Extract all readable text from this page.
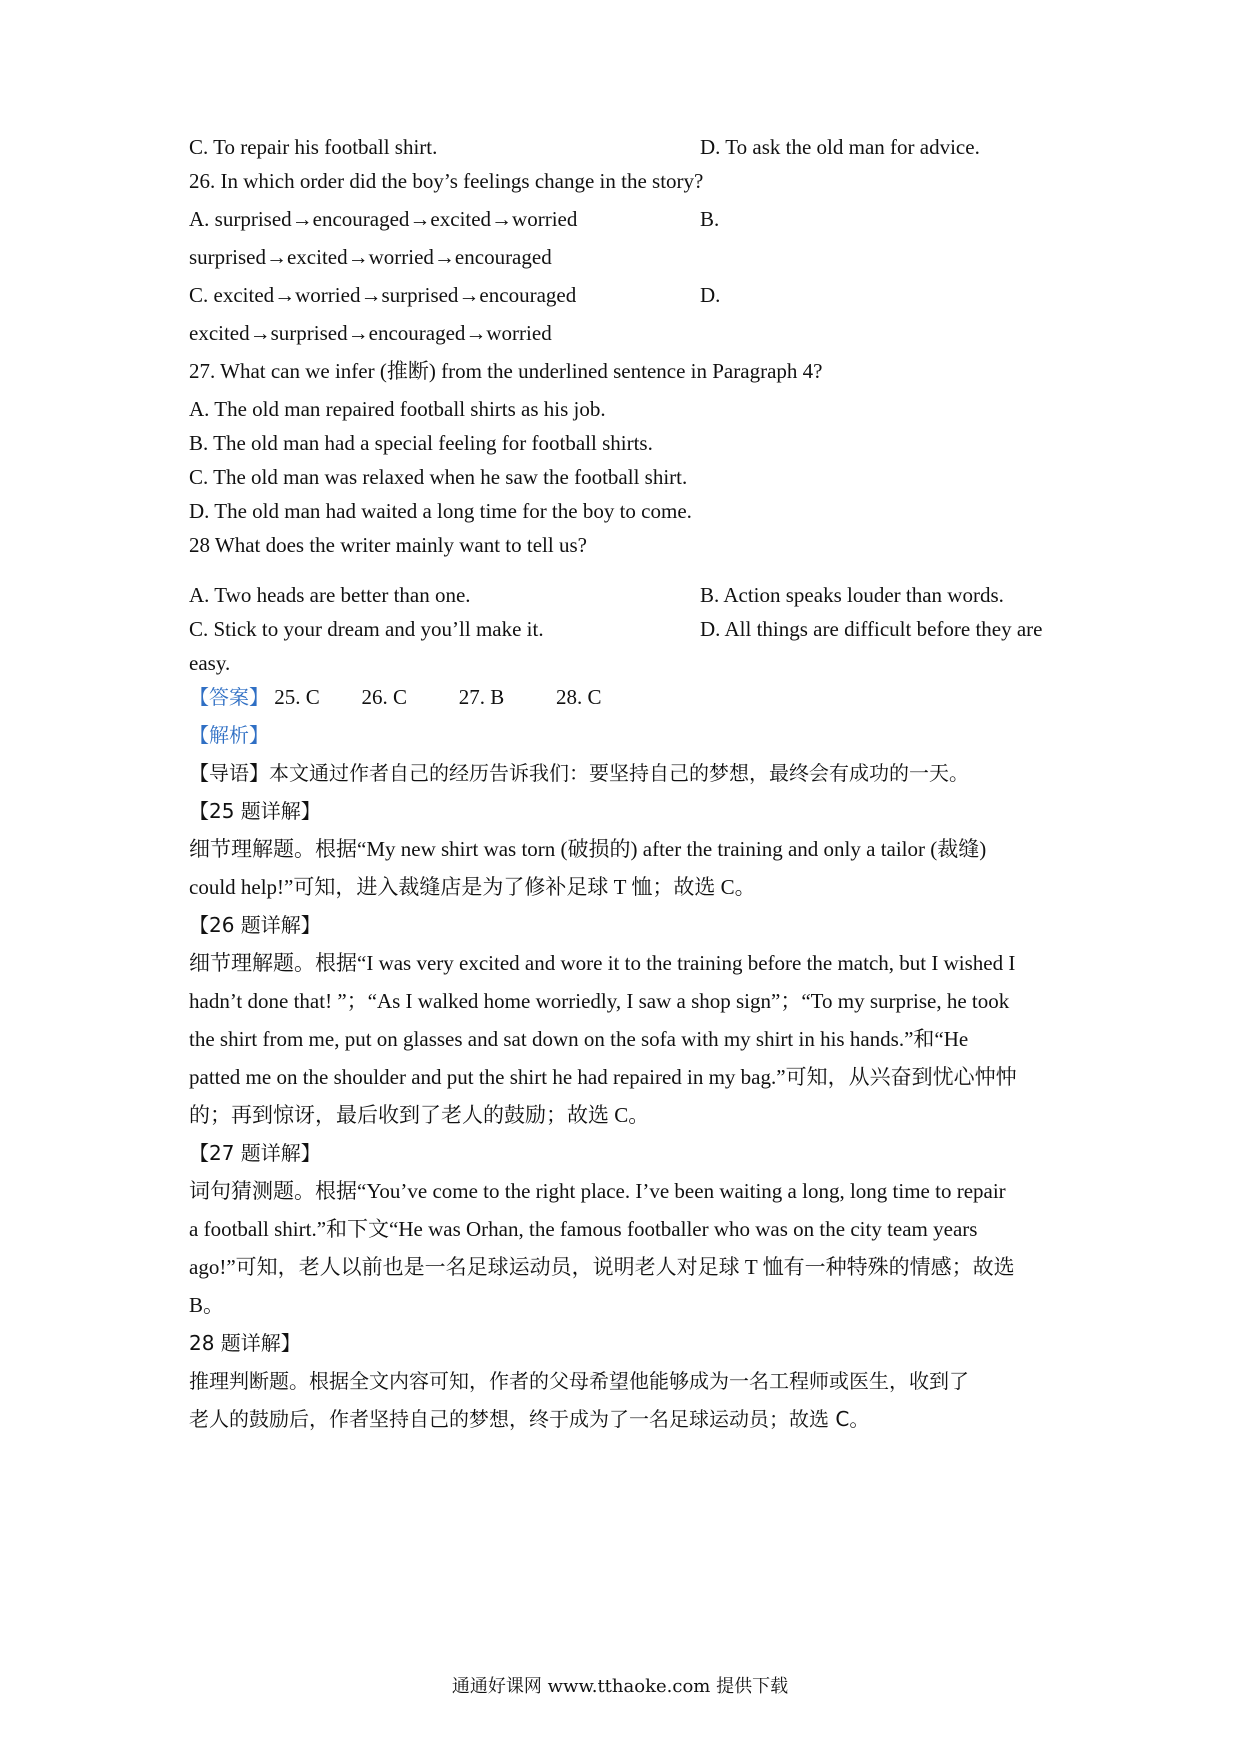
C. To repair his football shirt.	D. To ask the old man for advice.
26. In which order did the boy’s feelings change in the story?
A. surprised→encouraged→excited→worried	B.
surprised→excited→worried→encouraged
C. excited→worried→surprised→encouraged	D.
excited→surprised→encouraged→worried
27. What can we infer (推断) from the underlined sentence in Paragraph 4?
A. The old man repaired football shirts as his job.
B. The old man had a special feeling for football shirts.
C. The old man was relaxed when he saw the football shirt.
D. The old man had waited a long time for the boy to come.
28 What does the writer mainly want to tell us?
A. Two heads are better than one.	B. Action speaks louder than words.
C. Stick to your dream and you’ll make it.	D. All things are difficult before they are
easy.
【答案】 25. C 26. C 27. B 28. C
【解析】
【导语】本文通过作者自己的经历告诉我们：要坚持自己的梦想，最终会有成功的一天。
【25 题详解】
细节理解题。根据“My new shirt was torn (破损的) after the training and only a tailor (裁缝)
could help!”可知，进入裁缝店是为了修补足球 T 恤；故选 C。
【26 题详解】
细节理解题。根据“I was very excited and wore it to the training before the match, but I wished I
hadn’t done that! ”；“As I walked home worriedly, I saw a shop sign”；“To my surprise, he took
the shirt from me, put on glasses and sat down on the sofa with my shirt in his hands.”和“He
patted me on the shoulder and put the shirt he had repaired in my bag.”可知，从兴奋到忧心忡忡
的；再到惊讶，最后收到了老人的鼓励；故选 C。
【27 题详解】
词句猜测题。根据“You’ve come to the right place. I’ve been waiting a long, long time to repair
a football shirt.”和下文“He was Orhan, the famous footballer who was on the city team years
ago!”可知，老人以前也是一名足球运动员，说明老人对足球 T 恤有一种特殊的情感；故选
B。
28 题详解】
推理判断题。根据全文内容可知，作者的父母希望他能够成为一名工程师或医生，收到了
老人的鼓励后，作者坚持自己的梦想，终于成为了一名足球运动员；故选 C。
通通好课网 www.tthaoke.com 提供下载
